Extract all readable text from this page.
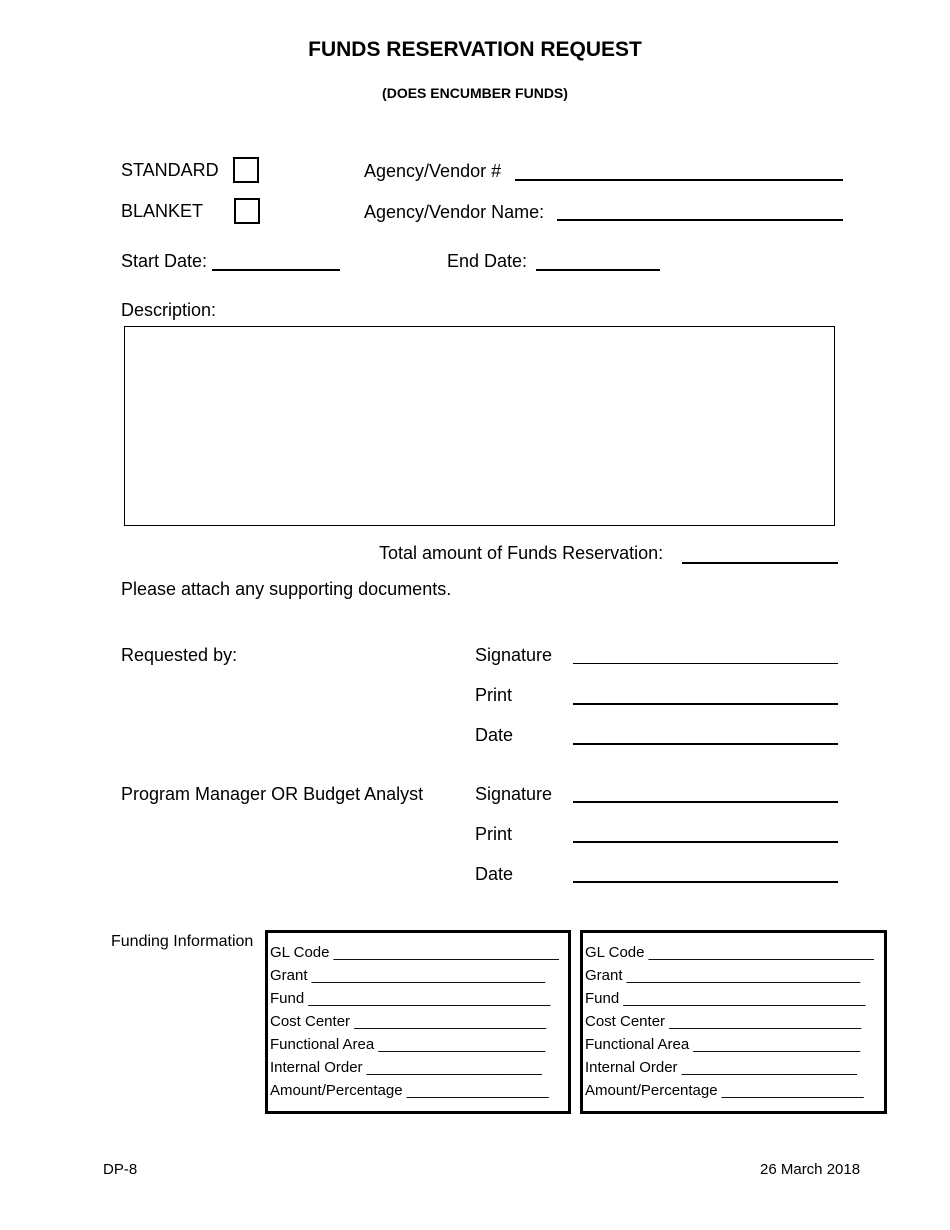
FUNDS RESERVATION REQUEST
(DOES ENCUMBER FUNDS)
STANDARD
BLANKET
Agency/Vendor #
Agency/Vendor Name:
Start Date:	End Date:
Description:
Total amount of Funds Reservation:
Please attach any supporting documents.
Requested by:	Signature
Print
Date
Program Manager OR Budget Analyst	Signature
Print
Date
Funding Information
GL Code ___________________________
Grant ____________________________
Fund _____________________________
Cost Center _______________________
Functional Area ____________________
Internal Order _____________________
Amount/Percentage _________________
GL Code ___________________________
Grant ____________________________
Fund _____________________________
Cost Center _______________________
Functional Area ____________________
Internal Order _____________________
Amount/Percentage _________________
DP-8	26 March 2018
